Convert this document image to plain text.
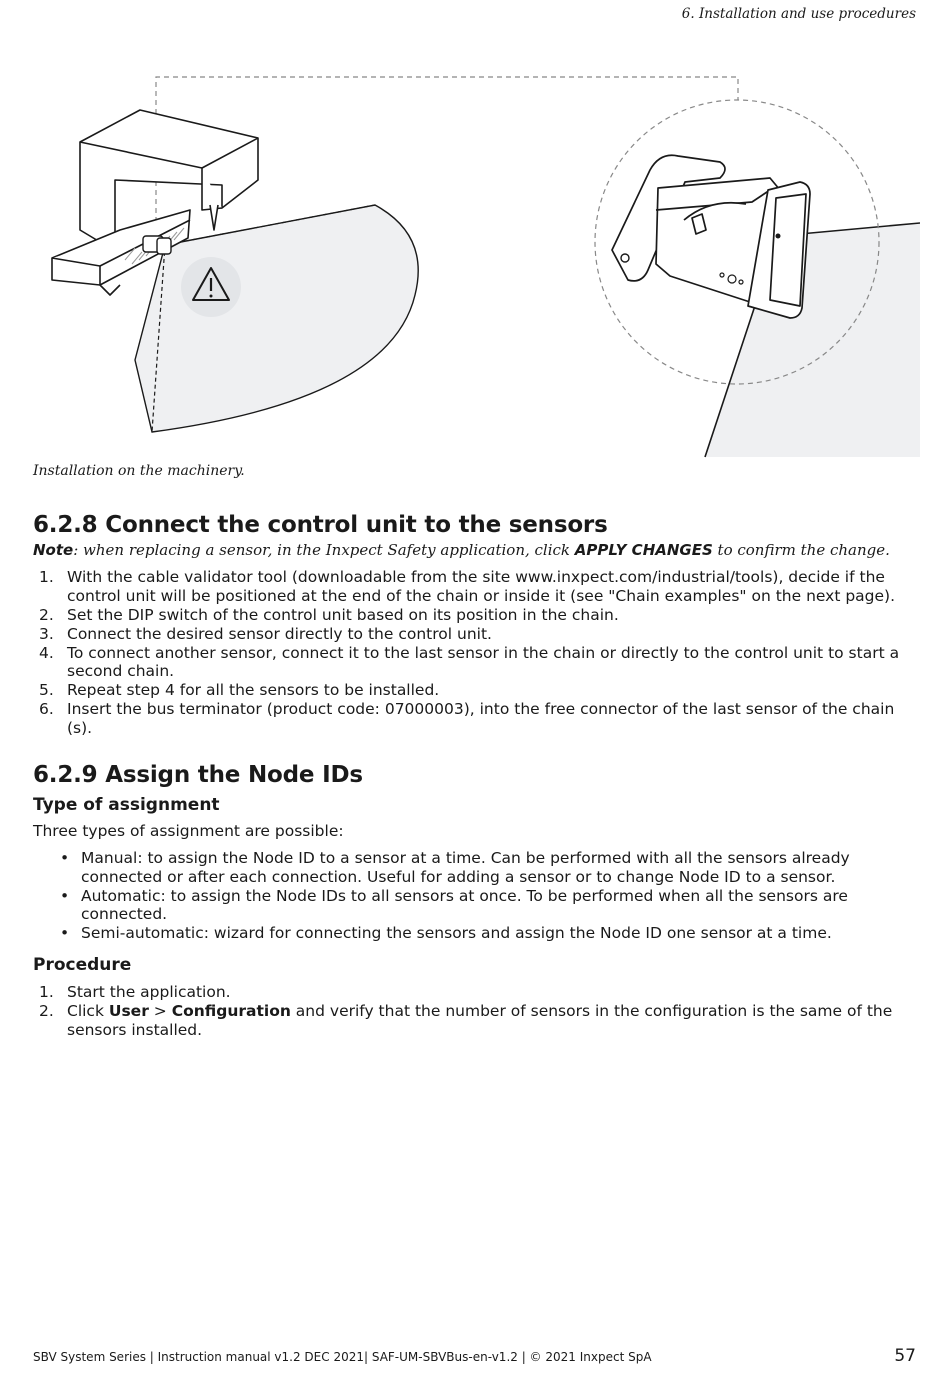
6. Installation and use procedures
Installation on the machinery.
6.2.8 Connect the control unit to the sensors
Note: when replacing a sensor, in the Inxpect Safety application, click APPLY CHANGES to confirm the change.
1. With the cable validator tool (downloadable from the site www.inxpect.com/industrial/tools), decide if the control unit will be positioned at the end of the chain or inside it (see "Chain examples" on the next page).
2. Set the DIP switch of the control unit based on its position in the chain.
3. Connect the desired sensor directly to the control unit.
4. To connect another sensor, connect it to the last sensor in the chain or directly to the control unit to start a second chain.
5. Repeat step 4 for all the sensors to be installed.
6. Insert the bus terminator (product code: 07000003), into the free connector of the last sensor of the chain (s).
6.2.9 Assign the Node IDs
Type of assignment
Three types of assignment are possible:
• Manual: to assign the Node ID to a sensor at a time. Can be performed with all the sensors already connected or after each connection. Useful for adding a sensor or to change Node ID to a sensor.
• Automatic: to assign the Node IDs to all sensors at once. To be performed when all the sensors are connected.
• Semi-automatic: wizard for connecting the sensors and assign the Node ID one sensor at a time.
Procedure
1. Start the application.
2. Click User > Configuration and verify that the number of sensors in the configuration is the same of the sensors installed.
SBV System Series | Instruction manual v1.2 DEC 2021| SAF-UM-SBVBus-en-v1.2 | © 2021 Inxpect SpA	57
